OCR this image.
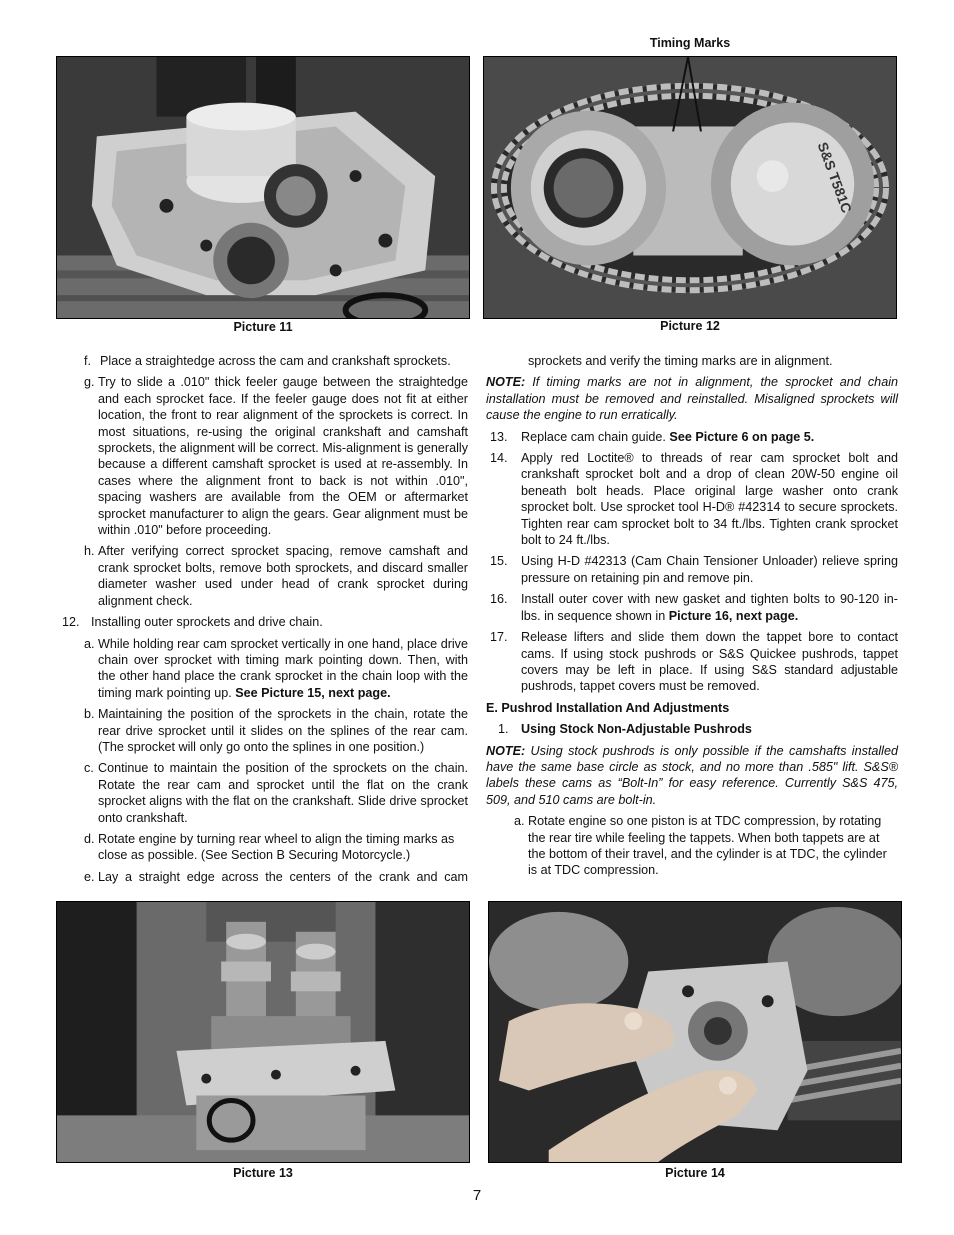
Picture 11
Timing Marks
S&S T581C
Picture 12
f. Place a straightedge across the cam and crankshaft sprockets.
g. Try to slide a .010" thick feeler gauge between the straightedge and each sprocket face. If the feeler gauge does not fit at either location, the front to rear alignment of the sprockets is correct. In most situations, re-using the original crankshaft and camshaft sprockets, the alignment will be correct. Mis-alignment is generally because a different camshaft sprocket is used at re-assembly. In cases where the alignment front to back is not within .010", spacing washers are available from the OEM or aftermarket sprocket manufacturer to align the gears. Gear alignment must be within .010" before proceeding.
h. After verifying correct sprocket spacing, remove camshaft and crank sprocket bolts, remove both sprockets, and discard smaller diameter washer used under head of crank sprocket during alignment check.
12. Installing outer sprockets and drive chain.
a. While holding rear cam sprocket vertically in one hand, place drive chain over sprocket with timing mark pointing down. Then, with the other hand place the crank sprocket in the chain loop with the timing mark pointing up. See Picture 15, next page.
b. Maintaining the position of the sprockets in the chain, rotate the rear drive sprocket until it slides on the splines of the rear cam. (The sprocket will only go onto the splines in one position.)
c. Continue to maintain the position of the sprockets on the chain. Rotate the rear cam and sprocket until the flat on the crank sprocket aligns with the flat on the crankshaft. Slide drive sprocket onto crankshaft.
d. Rotate engine by turning rear wheel to align the timing marks as close as possible. (See Section B Securing Motorcycle.)
e. Lay a straight edge across the centers of the crank and cam
sprockets and verify the timing marks are in alignment.
NOTE: If timing marks are not in alignment, the sprocket and chain installation must be removed and reinstalled. Misaligned sprockets will cause the engine to run erratically.
13. Replace cam chain guide. See Picture 6 on page 5.
14. Apply red Loctite® to threads of rear cam sprocket bolt and crankshaft sprocket bolt and a drop of clean 20W-50 engine oil beneath bolt heads. Place original large washer onto crank sprocket bolt. Use sprocket tool H-D® #42314 to secure sprockets. Tighten rear cam sprocket bolt to 34 ft./lbs. Tighten crank sprocket bolt to 24 ft./lbs.
15. Using H-D #42313 (Cam Chain Tensioner Unloader) relieve spring pressure on retaining pin and remove pin.
16. Install outer cover with new gasket and tighten bolts to 90-120 in-lbs. in sequence shown in Picture 16, next page.
17. Release lifters and slide them down the tappet bore to contact cams. If using stock pushrods or S&S Quickee pushrods, tappet covers may be left in place. If using S&S standard adjustable pushrods, tappet covers must be removed.
E. Pushrod Installation And Adjustments
1. Using Stock Non-Adjustable Pushrods
NOTE: Using stock pushrods is only possible if the camshafts installed have the same base circle as stock, and no more than .585" lift. S&S® labels these cams as “Bolt-In” for easy reference. Currently S&S 475, 509, and 510 cams are bolt-in.
a. Rotate engine so one piston is at TDC compression, by rotating the rear tire while feeling the tappets. When both tappets are at the bottom of their travel, and the cylinder is at TDC, the cylinder is at TDC compression.
Picture 13	Picture 14
7
